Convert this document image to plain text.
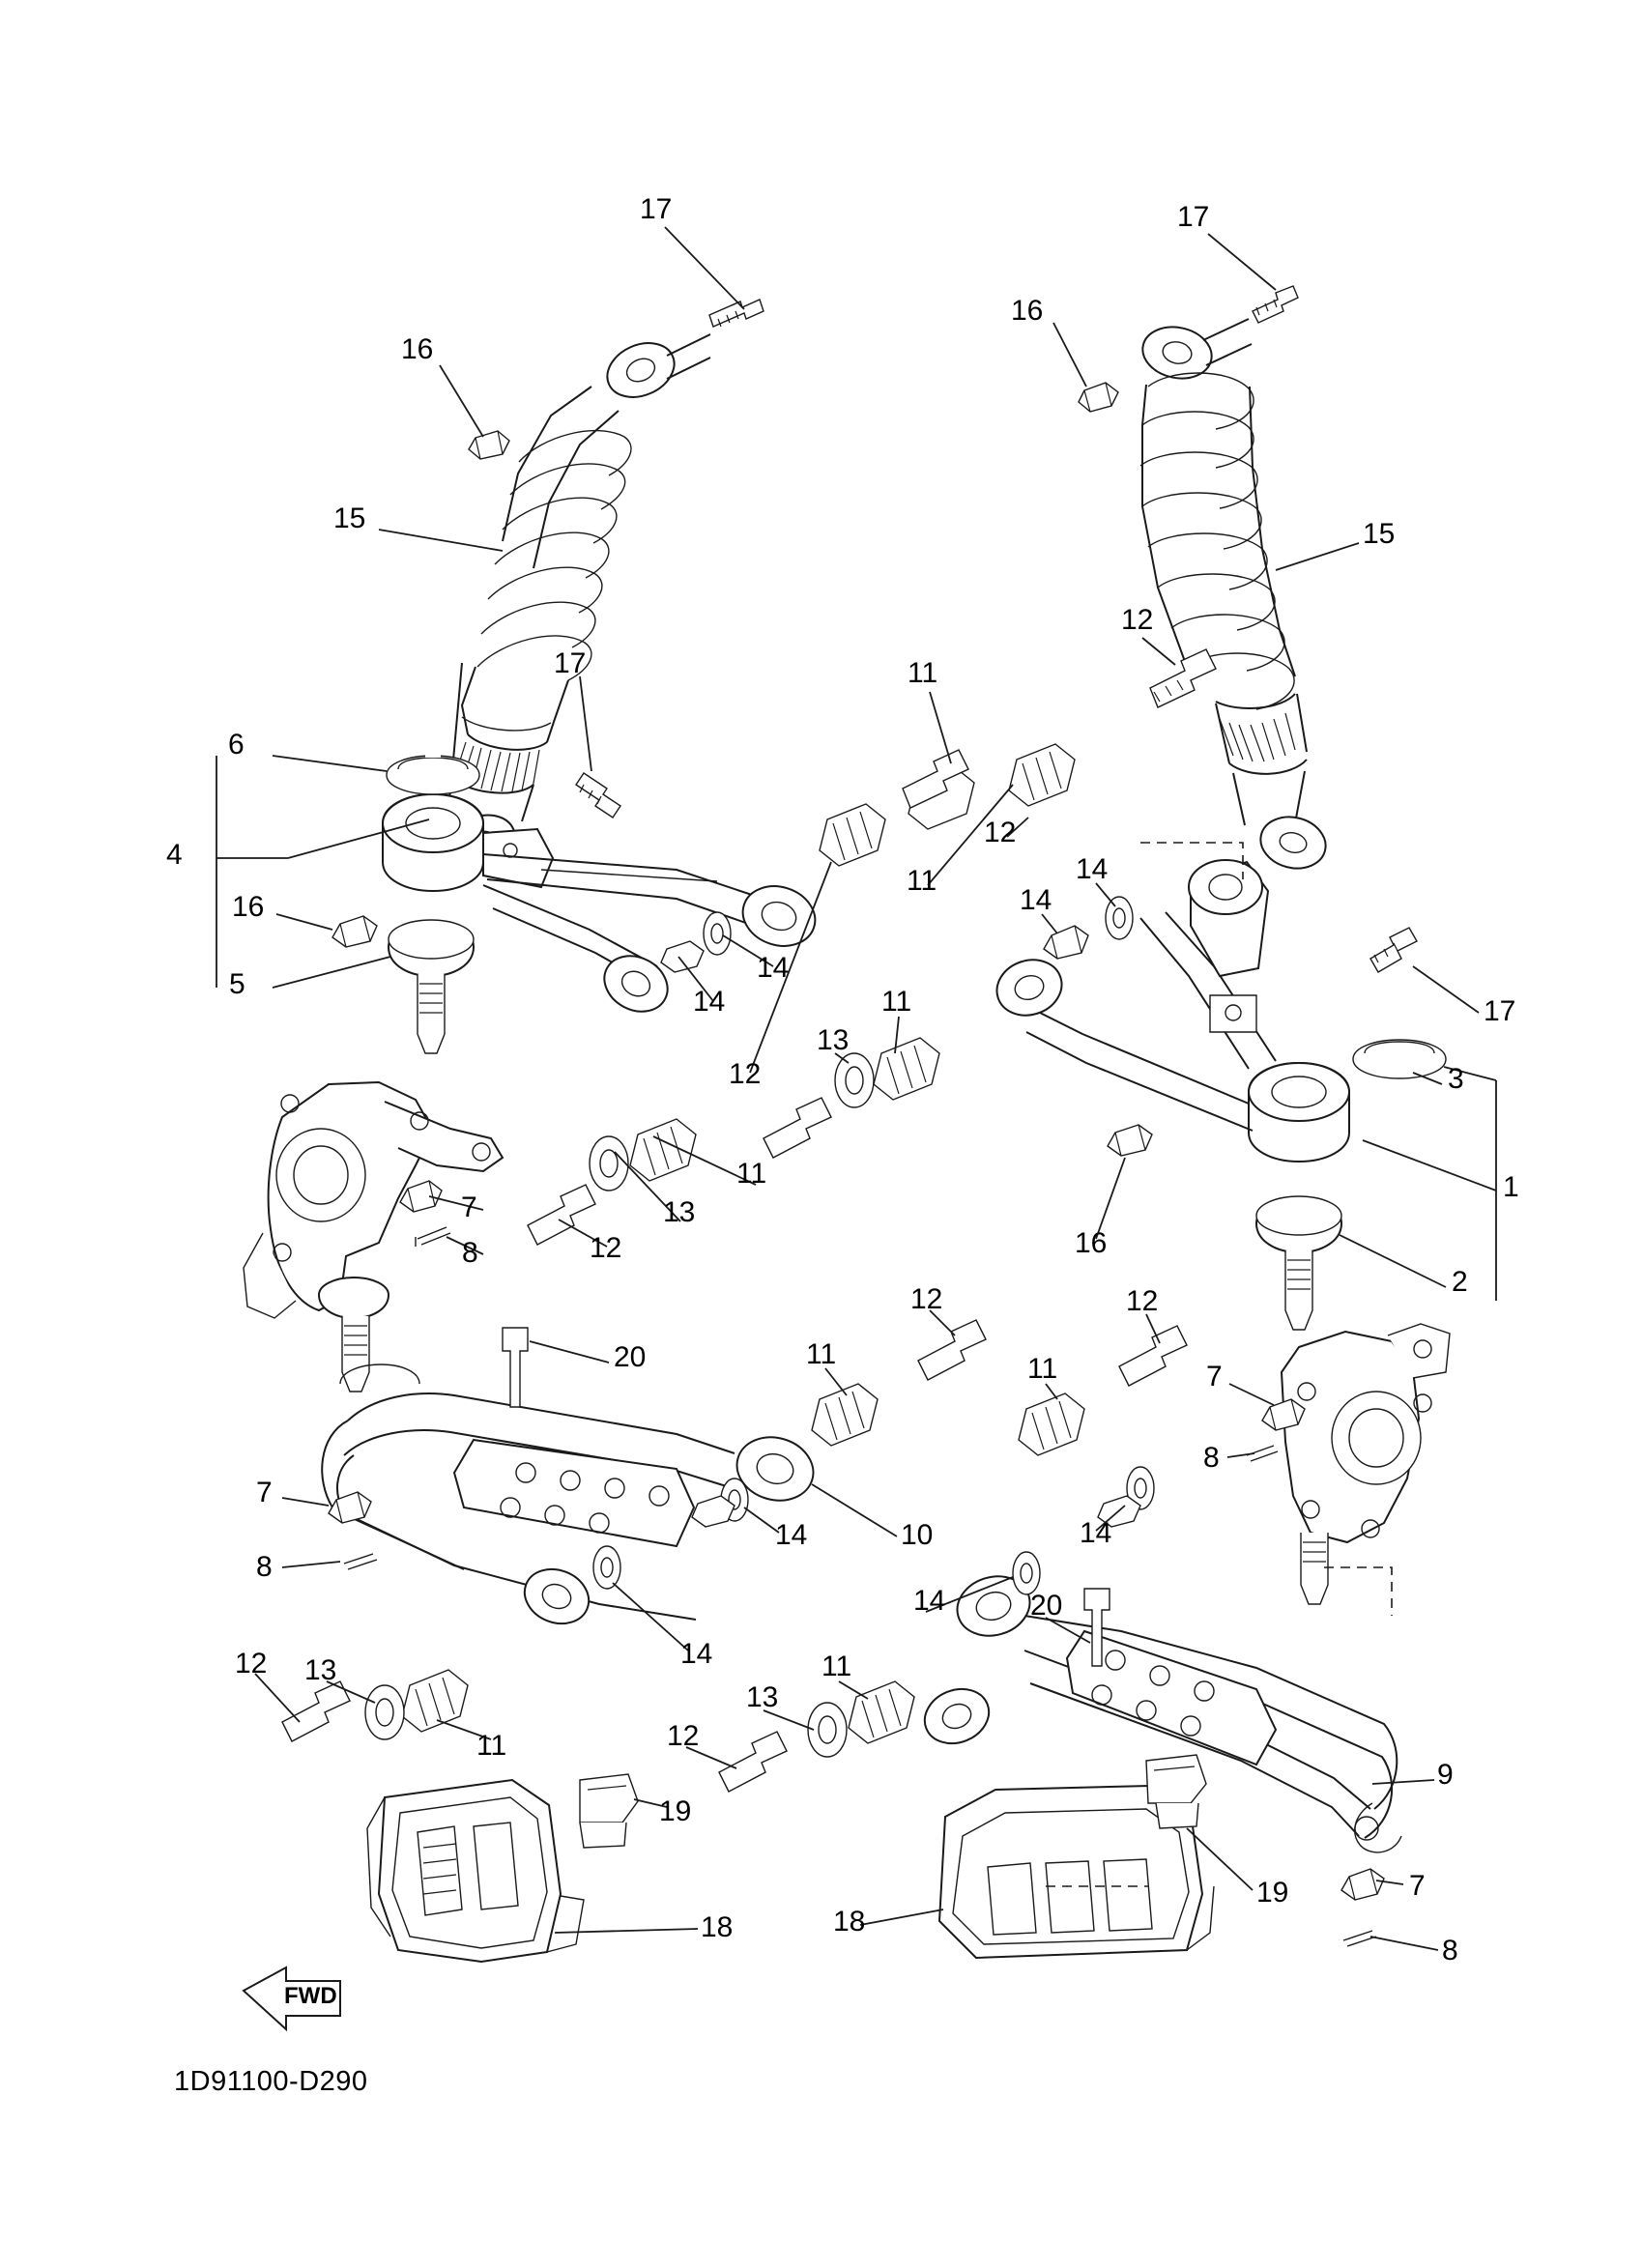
FWD
1D91100-D290
17
16
15
16
17
15
6
4
16
5
17	11
12
12
11	14
14
14
14
12
17
3
1
2
16
11
13
11
13
12
7
8
20
12
11	11
12
7
8
10
14	14
7
8
14
13
12
11
14	20
11
13
12
9
19
19
18	18
7
8
